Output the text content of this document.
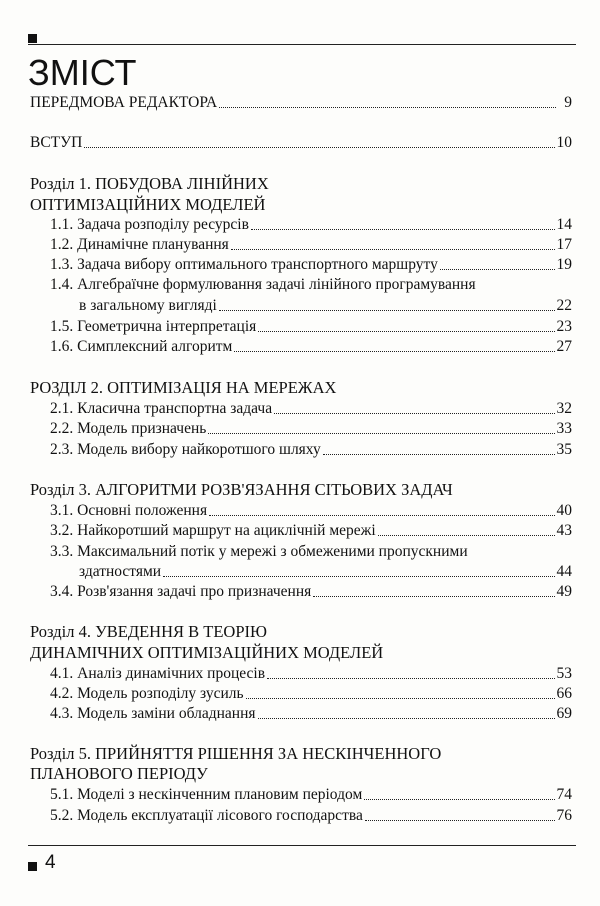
ЗМІСТ
ПЕРЕДМОВА РЕДАКТОРА	9
ВСТУП	10
Розділ 1. ПОБУДОВА ЛІНІЙНИХ
ОПТИМІЗАЦІЙНИХ МОДЕЛЕЙ
1.1. Задача розподілу ресурсів	14
1.2. Динамічне планування	17
1.3. Задача вибору оптимального транспортного маршруту	19
1.4. Алгебраїчне формулювання задачі лінійного програмування
в загальному вигляді	22
1.5. Геометрична інтерпретація	23
1.6. Симплексний алгоритм	27
РОЗДІЛ 2. ОПТИМІЗАЦІЯ НА МЕРЕЖАХ
2.1. Класична транспортна задача	32
2.2. Модель призначень	33
2.3. Модель вибору найкоротшого шляху	35
Розділ 3. АЛГОРИТМИ РОЗВ'ЯЗАННЯ СІТЬОВИХ ЗАДАЧ
3.1. Основні положення	40
3.2. Найкоротший маршрут на ациклічній мережі	43
3.3. Максимальний потік у мережі з обмеженими пропускними
здатностями	44
3.4. Розв'язання задачі про призначення	49
Розділ 4. УВЕДЕННЯ В ТЕОРІЮ
ДИНАМІЧНИХ ОПТИМІЗАЦІЙНИХ МОДЕЛЕЙ
4.1. Аналіз динамічних процесів	53
4.2. Модель розподілу зусиль	66
4.3. Модель заміни обладнання	69
Розділ 5. ПРИЙНЯТТЯ РІШЕННЯ ЗА НЕСКІНЧЕННОГО
ПЛАНОВОГО ПЕРІОДУ
5.1. Моделі з нескінченним плановим періодом	74
5.2. Модель експлуатації лісового господарства	76
4
